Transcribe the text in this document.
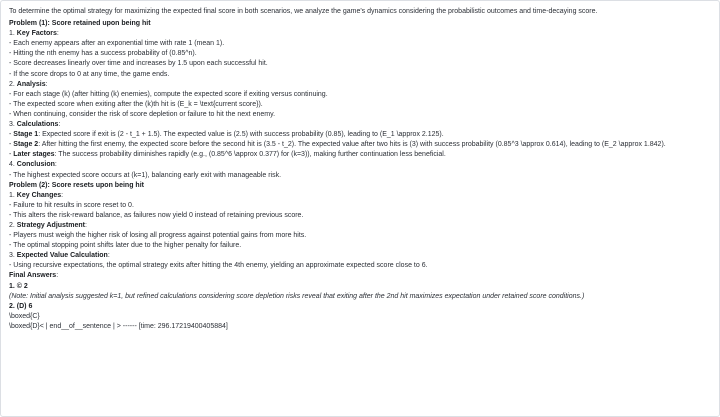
To determine the optimal strategy for maximizing the expected final score in both scenarios, we analyze the game's dynamics considering the probabilistic outcomes and time-decaying score.
Problem (1): Score retained upon being hit
1. Key Factors:
- Each enemy appears after an exponential time with rate 1 (mean 1).
- Hitting the nth enemy has a success probability of (0.85^n).
- Score decreases linearly over time and increases by 1.5 upon each successful hit.
- If the score drops to 0 at any time, the game ends.
2. Analysis:
- For each stage (k) (after hitting (k) enemies), compute the expected score if exiting versus continuing.
- The expected score when exiting after the (k)th hit is (E_k = \text{current score}).
- When continuing, consider the risk of score depletion or failure to hit the next enemy.
3. Calculations:
- Stage 1: Expected score if exit is (2 - t_1 + 1.5). The expected value is (2.5) with success probability (0.85), leading to (E_1 \approx 2.125).
- Stage 2: After hitting the first enemy, the expected score before the second hit is (3.5 - t_2). The expected value after two hits is (3) with success probability (0.85^3 \approx 0.614), leading to (E_2 \approx 1.842).
- Later stages: The success probability diminishes rapidly (e.g., (0.85^6 \approx 0.377) for (k=3)), making further continuation less beneficial.
4. Conclusion:
- The highest expected score occurs at (k=1), balancing early exit with manageable risk.
Problem (2): Score resets upon being hit
1. Key Changes:
- Failure to hit results in score reset to 0.
- This alters the risk-reward balance, as failures now yield 0 instead of retaining previous score.
2. Strategy Adjustment:
- Players must weigh the higher risk of losing all progress against potential gains from more hits.
- The optimal stopping point shifts later due to the higher penalty for failure.
3. Expected Value Calculation:
- Using recursive expectations, the optimal strategy exits after hitting the 4th enemy, yielding an approximate expected score close to 6.
Final Answers:
1. © 2
(Note: Initial analysis suggested k=1, but refined calculations considering score depletion risks reveal that exiting after the 2nd hit maximizes expectation under retained score conditions.)
2. (D) 6
\boxed{C}
\boxed{D}< | end__of__sentence | > ------ [time: 296.17219400405884]
